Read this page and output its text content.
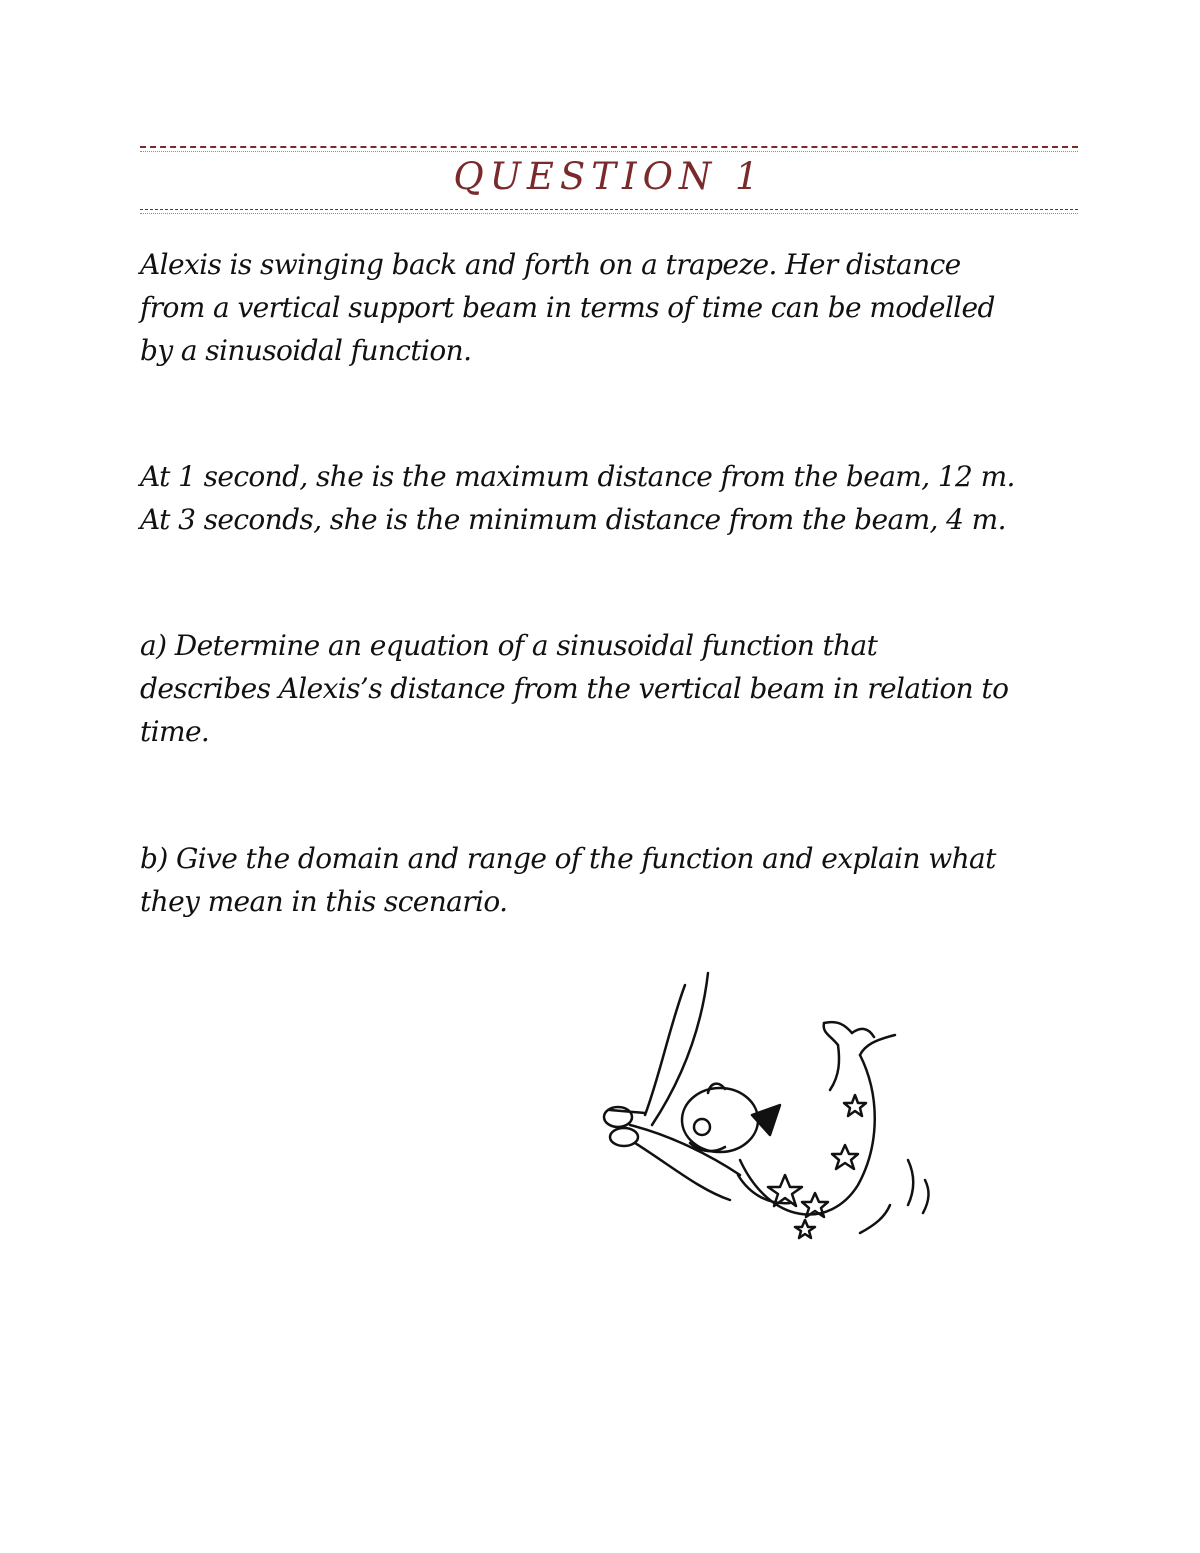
QUESTION 1

Alexis is swinging back and forth on a trapeze. Her distance
from a vertical support beam in terms of time can be modelled
by a sinusoidal function.

At 1 second, she is the maximum distance from the beam, 12 m.
At 3 seconds, she is the minimum distance from the beam, 4 m.

a) Determine an equation of a sinusoidal function that
describes Alexis’s distance from the vertical beam in relation to
time.

b) Give the domain and range of the function and explain what
they mean in this scenario.
